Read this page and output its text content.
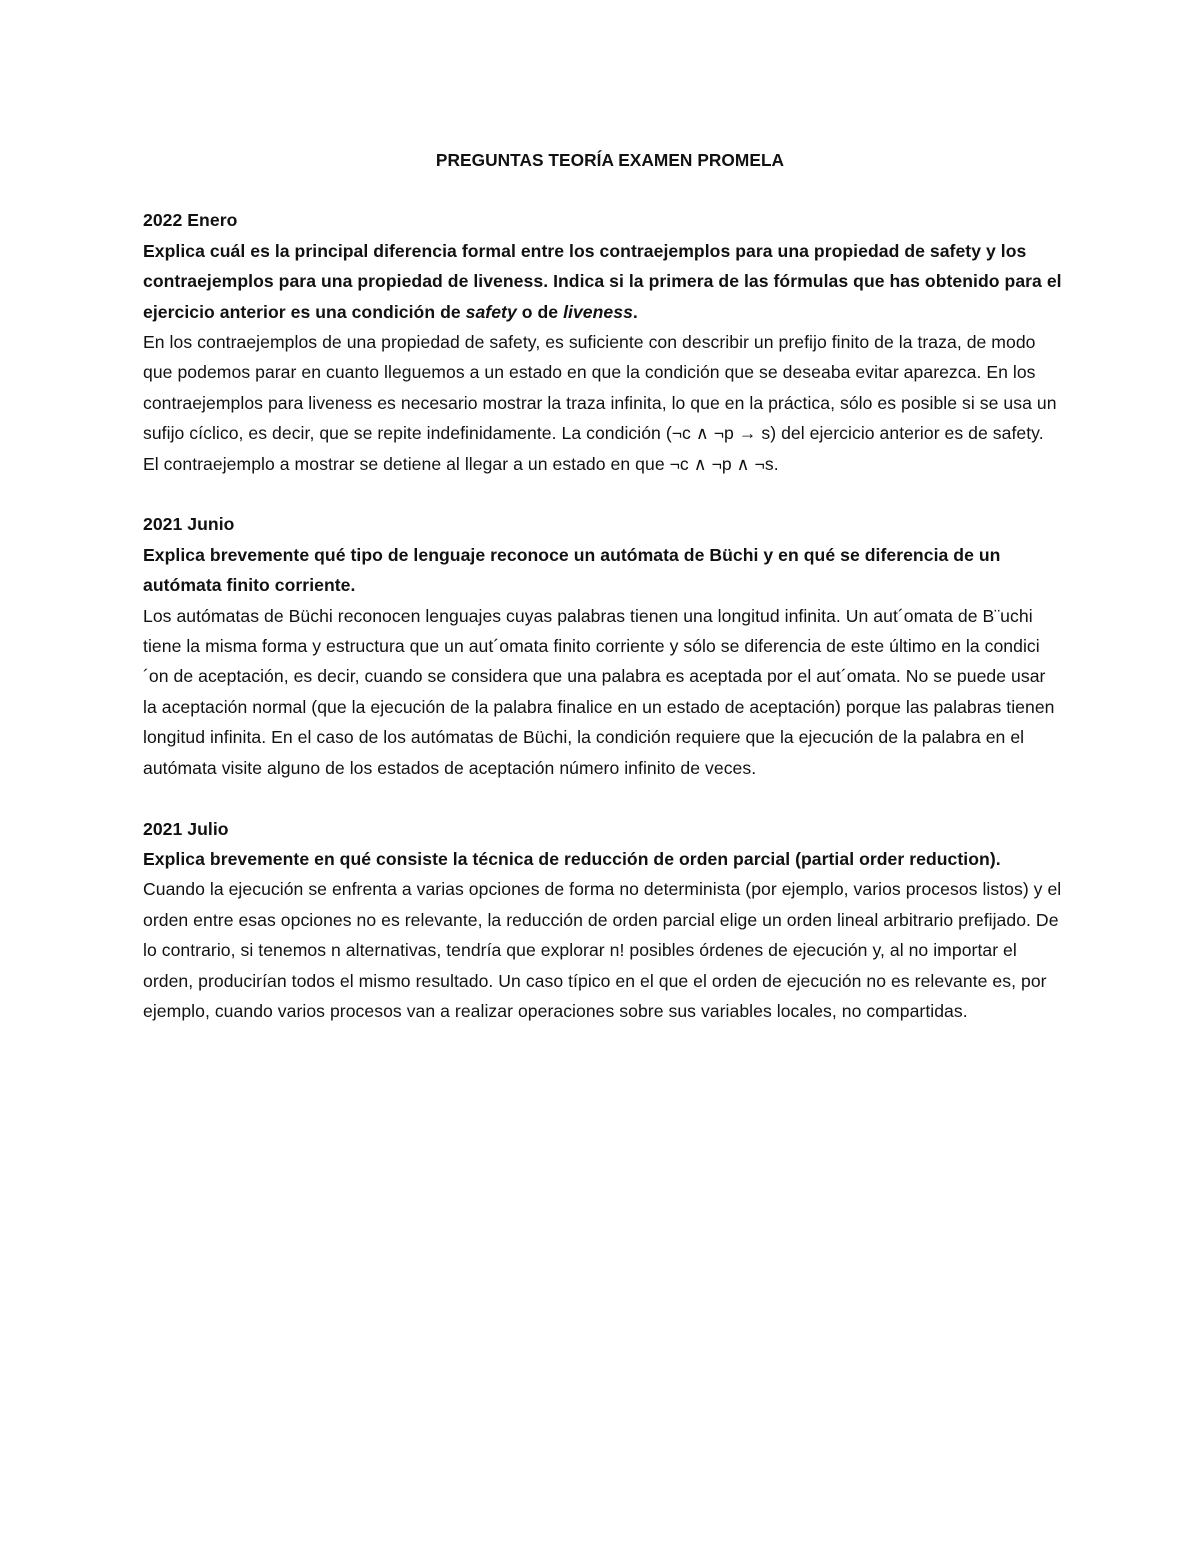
PREGUNTAS TEORÍA EXAMEN PROMELA

2022 Enero

Explica cuál es la principal diferencia formal entre los contraejemplos para una propiedad de safety y los contraejemplos para una propiedad de liveness. Indica si la primera de las fórmulas que has obtenido para el ejercicio anterior es una condición de safety o de liveness.

En los contraejemplos de una propiedad de safety, es suficiente con describir un prefijo finito de la traza, de modo que podemos parar en cuanto lleguemos a un estado en que la condición que se deseaba evitar aparezca. En los contraejemplos para liveness es necesario mostrar la traza infinita, lo que en la práctica, sólo es posible si se usa un sufijo cíclico, es decir, que se repite indefinidamente. La condición (¬c ∧ ¬p → s) del ejercicio anterior es de safety. El contraejemplo a mostrar se detiene al llegar a un estado en que ¬c ∧ ¬p ∧ ¬s.

2021 Junio

Explica brevemente qué tipo de lenguaje reconoce un autómata de Büchi y en qué se diferencia de un autómata finito corriente.

Los autómatas de Büchi reconocen lenguajes cuyas palabras tienen una longitud infinita. Un aut´omata de B¨uchi tiene la misma forma y estructura que un aut´omata finito corriente y sólo se diferencia de este último en la condici´on de aceptación, es decir, cuando se considera que una palabra es aceptada por el aut´omata. No se puede usar la aceptación normal (que la ejecución de la palabra finalice en un estado de aceptación) porque las palabras tienen longitud infinita. En el caso de los autómatas de Büchi, la condición requiere que la ejecución de la palabra en el autómata visite alguno de los estados de aceptación número infinito de veces.

2021 Julio

Explica brevemente en qué consiste la técnica de reducción de orden parcial (partial order reduction).

Cuando la ejecución se enfrenta a varias opciones de forma no determinista (por ejemplo, varios procesos listos) y el orden entre esas opciones no es relevante, la reducción de orden parcial elige un orden lineal arbitrario prefijado. De lo contrario, si tenemos n alternativas, tendría que explorar n! posibles órdenes de ejecución y, al no importar el orden, producirían todos el mismo resultado. Un caso típico en el que el orden de ejecución no es relevante es, por ejemplo, cuando varios procesos van a realizar operaciones sobre sus variables locales, no compartidas.
